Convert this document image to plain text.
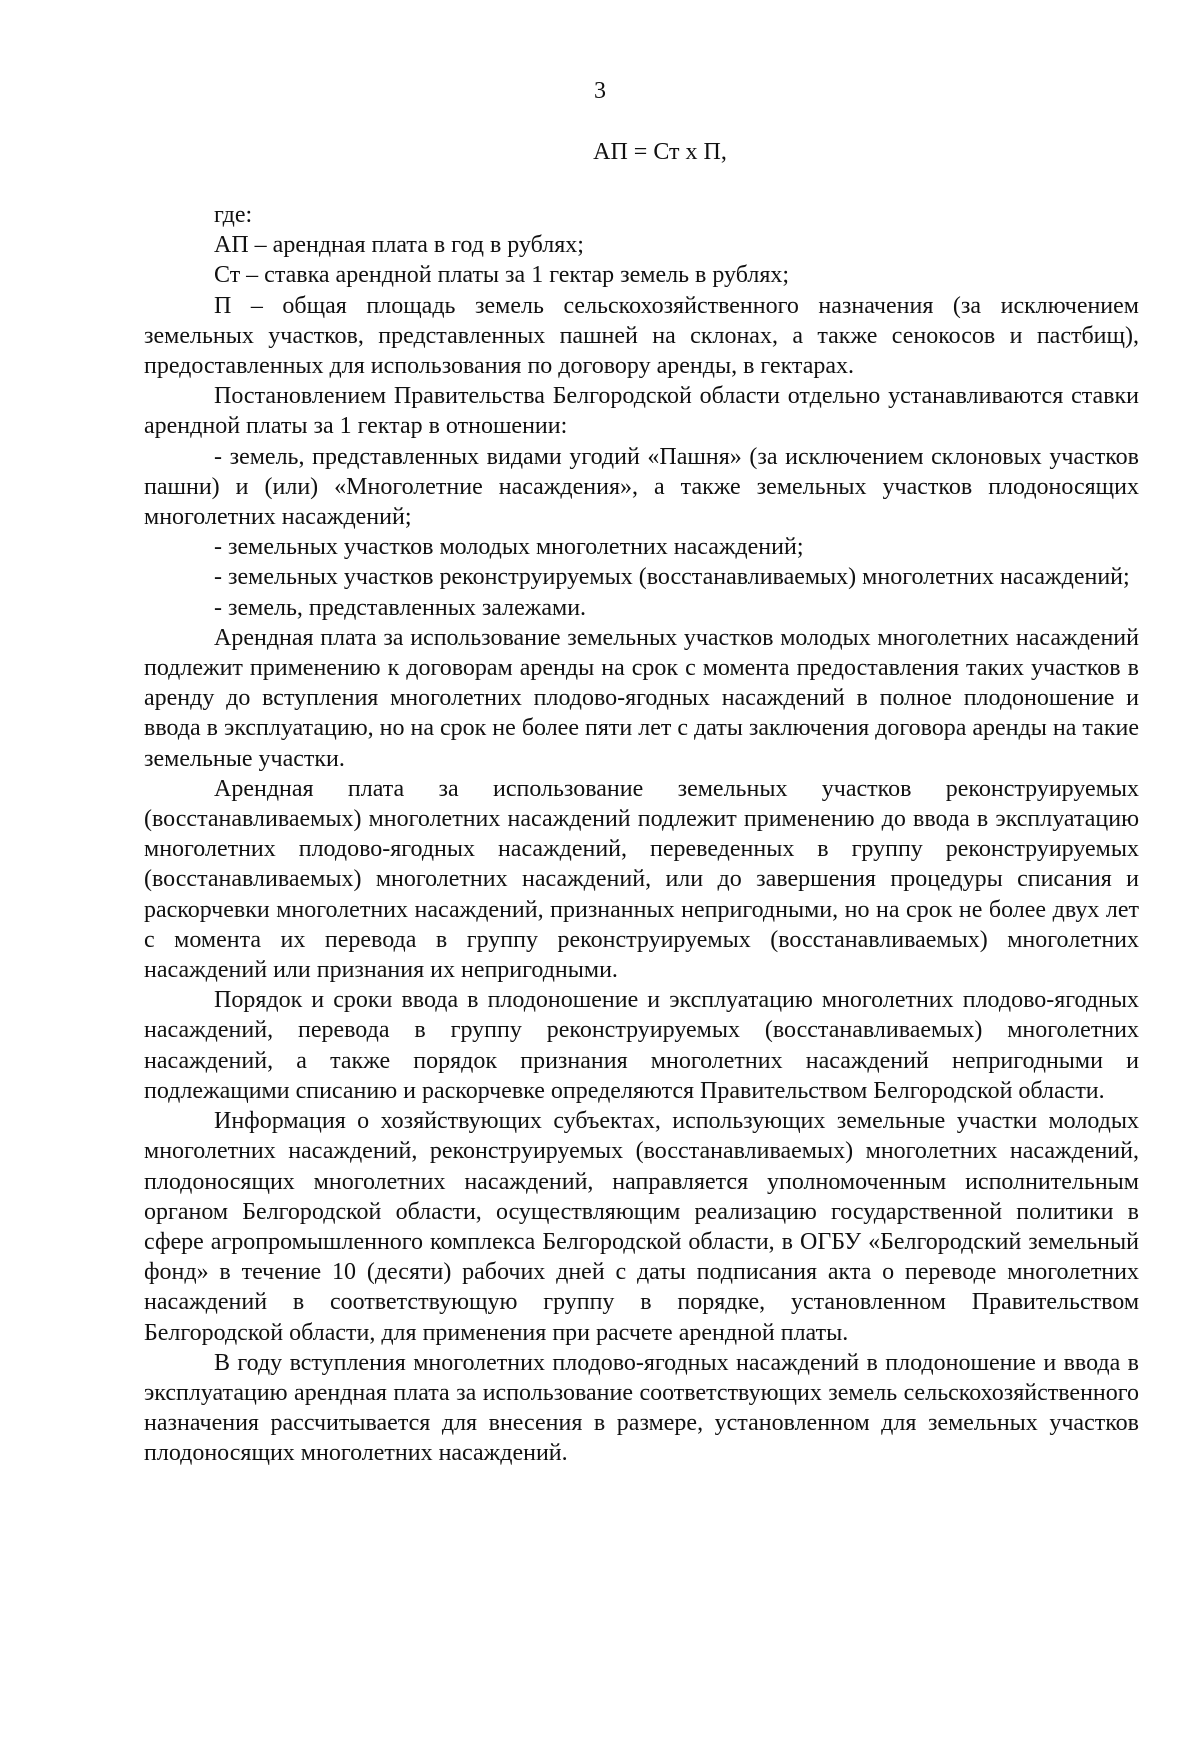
3
АП = Ст х П,

где:

АП – арендная плата в год в рублях;

Ст – ставка арендной платы за 1 гектар земель в рублях;

П – общая площадь земель сельскохозяйственного назначения (за исключением земельных участков, представленных пашней на склонах, а также сенокосов и пастбищ), предоставленных для использования по договору аренды, в гектарах.

Постановлением Правительства Белгородской области отдельно устанавливаются ставки арендной платы за 1 гектар в отношении:

- земель, представленных видами угодий «Пашня» (за исключением склоновых участков пашни) и (или) «Многолетние насаждения», а также земельных участков плодоносящих многолетних насаждений;

- земельных участков молодых многолетних насаждений;

- земельных участков реконструируемых (восстанавливаемых) многолетних насаждений;

- земель, представленных залежами.

Арендная плата за использование земельных участков молодых многолетних насаждений подлежит применению к договорам аренды на срок с момента предоставления таких участков в аренду до вступления многолетних плодово-ягодных насаждений в полное плодоношение и ввода в эксплуатацию, но на срок не более пяти лет с даты заключения договора аренды на такие земельные участки.

Арендная плата за использование земельных участков реконструируемых (восстанавливаемых) многолетних насаждений подлежит применению до ввода в эксплуатацию многолетних плодово-ягодных насаждений, переведенных в группу реконструируемых (восстанавливаемых) многолетних насаждений, или до завершения процедуры списания и раскорчевки многолетних насаждений, признанных непригодными, но на срок не более двух лет с момента их перевода в группу реконструируемых (восстанавливаемых) многолетних насаждений или признания их непригодными.

Порядок и сроки ввода в плодоношение и эксплуатацию многолетних плодово-ягодных насаждений, перевода в группу реконструируемых (восстанавливаемых) многолетних насаждений, а также порядок признания многолетних насаждений непригодными и подлежащими списанию и раскорчевке определяются Правительством Белгородской области.

Информация о хозяйствующих субъектах, использующих земельные участки молодых многолетних насаждений, реконструируемых (восстанавливаемых) многолетних насаждений, плодоносящих многолетних насаждений, направляется уполномоченным исполнительным органом Белгородской области, осуществляющим реализацию государственной политики в сфере агропромышленного комплекса Белгородской области, в ОГБУ «Белгородский земельный фонд» в течение 10 (десяти) рабочих дней с даты подписания акта о переводе многолетних насаждений в соответствующую группу в порядке, установленном Правительством Белгородской области, для применения при расчете арендной платы.

В году вступления многолетних плодово-ягодных насаждений в плодоношение и ввода в эксплуатацию арендная плата за использование соответствующих земель сельскохозяйственного назначения рассчитывается для внесения в размере, установленном для земельных участков плодоносящих многолетних насаждений.
